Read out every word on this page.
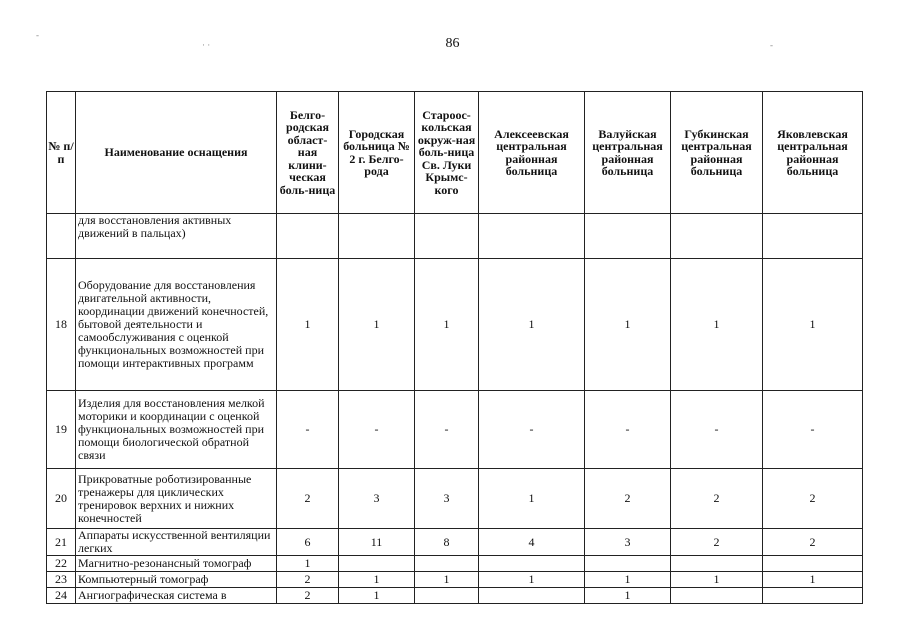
86
№ п/п	Наименование оснащения	Белго-родская област-ная клини-ческая боль-ница	Городская больница № 2 г. Белго-рода	Староос-кольская окруж-ная боль-ница Св. Луки Крымс-кого	Алексеевская центральная районная больница	Валуйская центральная районная больница	Губкинская центральная районная больница	Яковлевская центральная районная больница
	для восстановления активных движений в пальцах)							
18	Оборудование для восстановления двигательной активности, координации движений конечностей, бытовой деятельности и самообслуживания с оценкой функциональных возможностей при помощи интерактивных программ	1	1	1	1	1	1	1
19	Изделия для восстановления мелкой моторики и координации с оценкой функциональных возможностей при помощи биологической обратной связи	-	-	-	-	-	-	-
20	Прикроватные роботизированные тренажеры для циклических тренировок верхних и нижних конечностей	2	3	3	1	2	2	2
21	Аппараты искусственной вентиляции легких	6	11	8	4	3	2	2
22	Магнитно-резонансный томограф	1						
23	Компьютерный томограф	2	1	1	1	1	1	1
24	Ангиографическая система в	2	1			1		
-
· ·	-
